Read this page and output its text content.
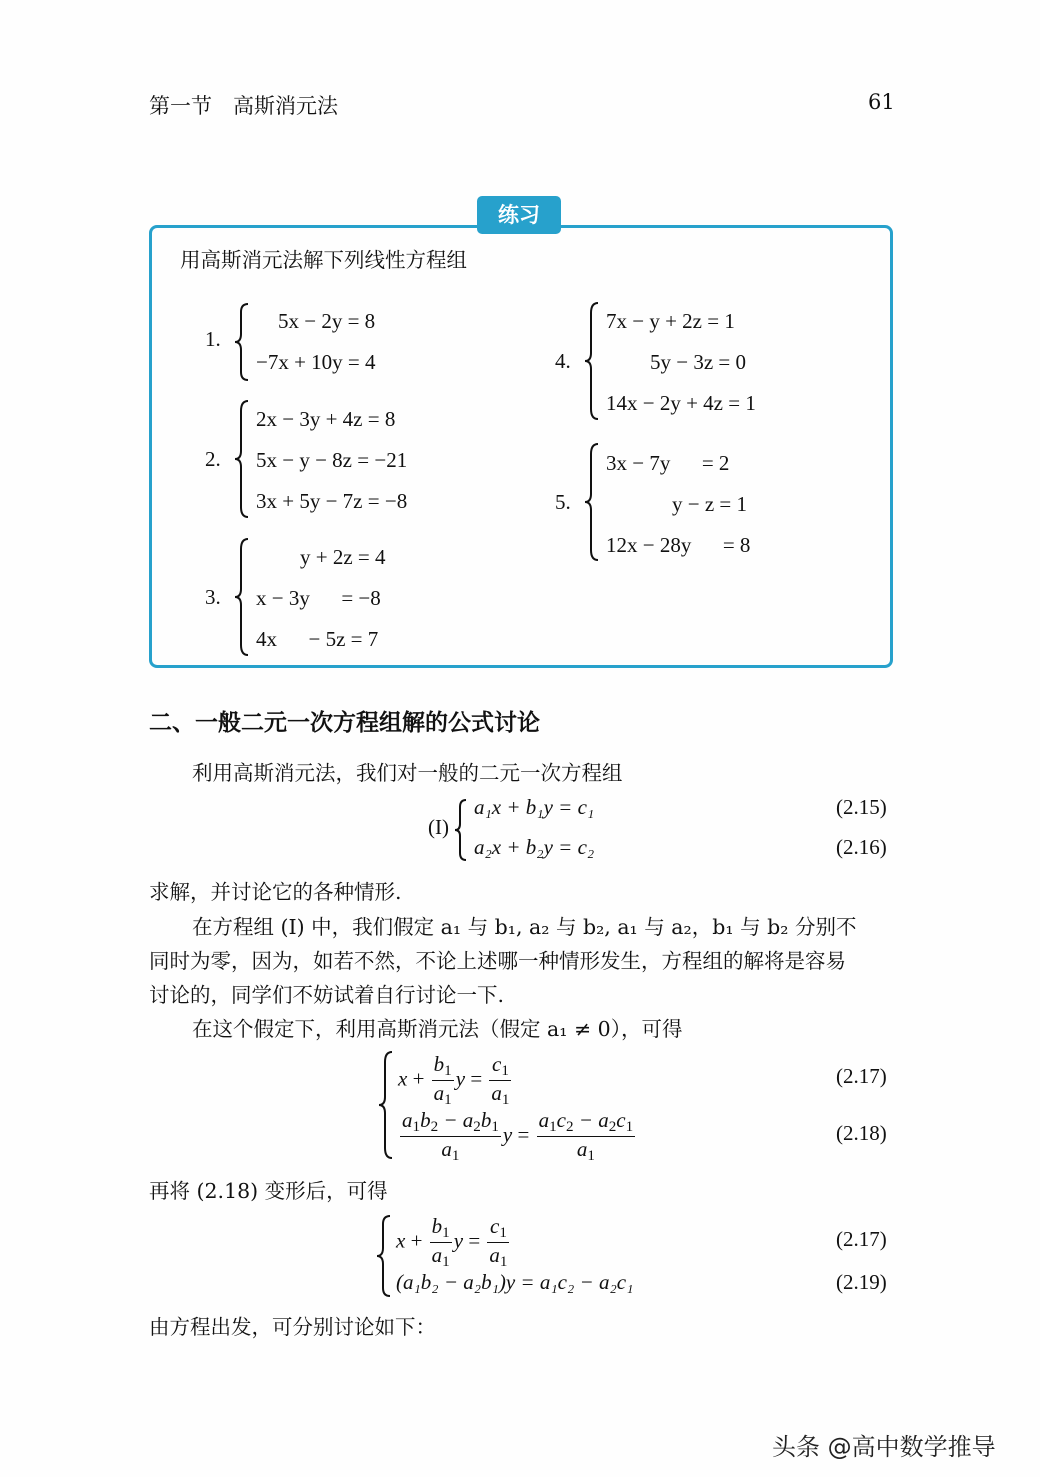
第一节　高斯消元法	61
练习
用高斯消元法解下列线性方程组
1.
5x − 2y = 8
−7x + 10y = 4
2.
2x − 3y + 4z = 8
5x − y − 8z = −21
3x + 5y − 7z = −8
3.
y + 2z = 4
x − 3y      = −8
4x      − 5z = 7
4.
7x − y + 2z = 1
5y − 3z = 0
14x − 2y + 4z = 1
5.
3x − 7y      = 2
y − z = 1
12x − 28y      = 8
二、一般二元一次方程组解的公式讨论
利用高斯消元法，我们对一般的二元一次方程组
(I)
a₁x + b₁y = c₁
a₂x + b₂y = c₂
(2.15)
(2.16)
求解，并讨论它的各种情形.
在方程组 (I) 中，我们假定 a₁ 与 b₁, a₂ 与 b₂, a₁ 与 a₂，b₁ 与 b₂ 分别不
同时为零，因为，如若不然，不论上述哪一种情形发生，方程组的解将是容易
讨论的，同学们不妨试着自行讨论一下.
在这个假定下，利用高斯消元法（假定 a₁ ≠ 0），可得
$x + \frac{b_1}{a_1}$ $y = \frac{c_1}{a_1}$
$\frac{a_1b_2 - a_2b_1}{a_1}$ $y = \frac{a_1c_2 - a_2c_1}{a_1}$
(2.17)
(2.18)
再将 (2.18) 变形后，可得
$x + \frac{b_1}{a_1}$ $y = \frac{c_1}{a_1}$
(a₁b₂ − a₂b₁)y = a₁c₂ − a₂c₁
(2.17)
(2.19)
由方程出发，可分别讨论如下：
头条 @高中数学推导
